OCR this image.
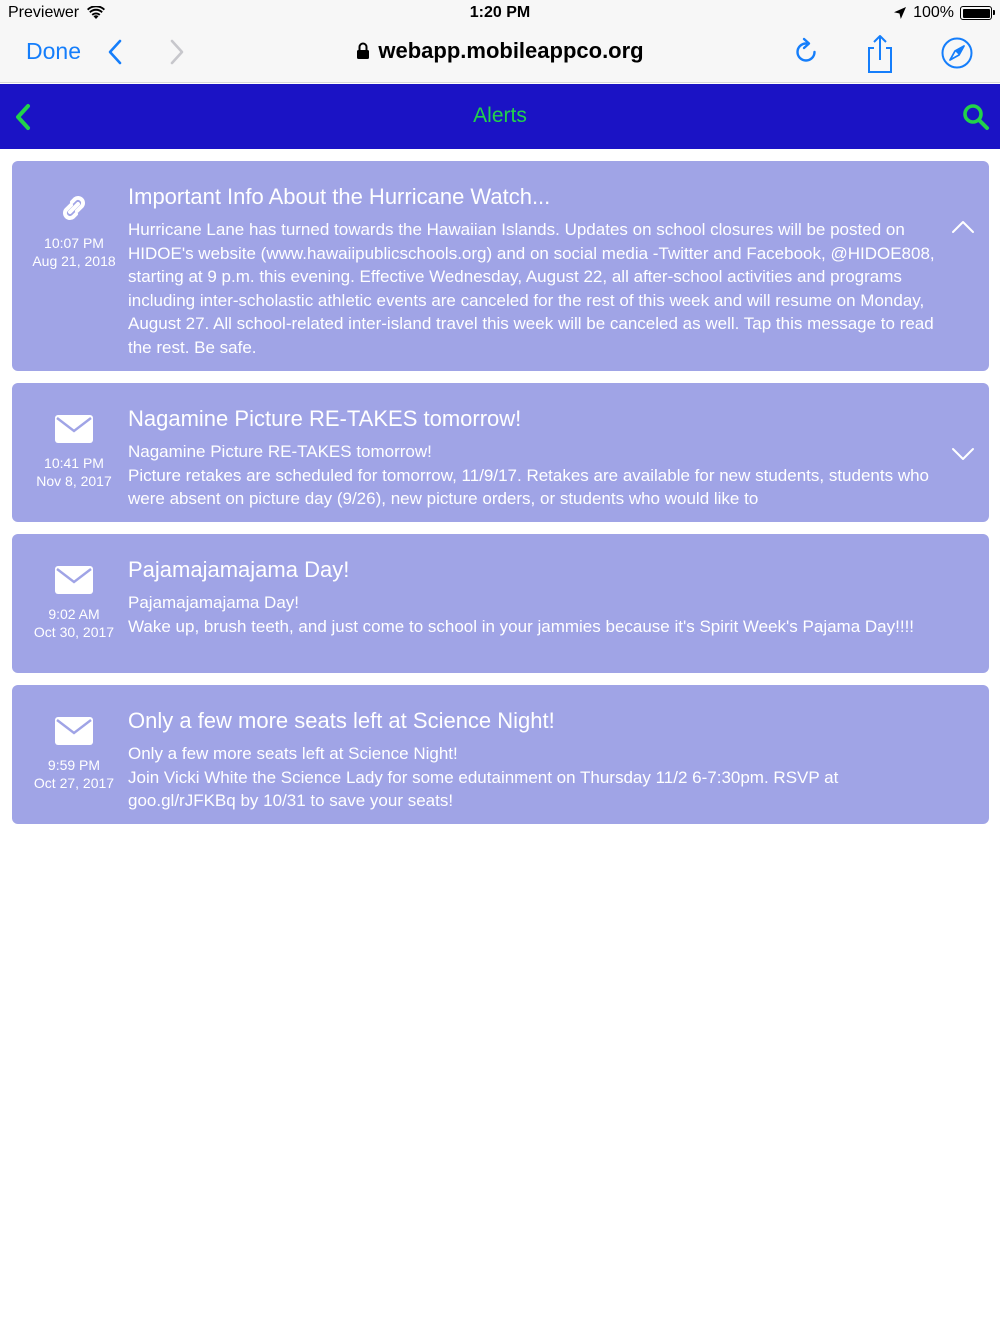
Previewer	1:20 PM	100%
Done	webapp.mobileappco.org
Alerts
10:07 PM
Aug 21, 2018
Important Info About the Hurricane Watch...
Hurricane Lane has turned towards the Hawaiian Islands. Updates on school closures will be posted on HIDOE's website (www.hawaiipublicschools.org) and on social media -Twitter and Facebook, @HIDOE808, starting at 9 p.m. this evening. Effective Wednesday, August 22, all after-school activities and programs including inter-scholastic athletic events are canceled for the rest of this week and will resume on Monday, August 27. All school-related inter-island travel this week will be canceled as well. Tap this message to read the rest. Be safe.
10:41 PM
Nov 8, 2017
Nagamine Picture RE-TAKES tomorrow!
Nagamine Picture RE-TAKES tomorrow!
Picture retakes are scheduled for tomorrow, 11/9/17. Retakes are available for new students, students who were absent on picture day (9/26), new picture orders, or students who would like to
9:02 AM
Oct 30, 2017
Pajamajamajama Day!
Pajamajamajama Day!
Wake up, brush teeth, and just come to school in your jammies because it's Spirit Week's Pajama Day!!!!
9:59 PM
Oct 27, 2017
Only a few more seats left at Science Night!
Only a few more seats left at Science Night!
Join Vicki White the Science Lady for some edutainment on Thursday 11/2 6-7:30pm. RSVP at goo.gl/rJFKBq by 10/31 to save your seats!
